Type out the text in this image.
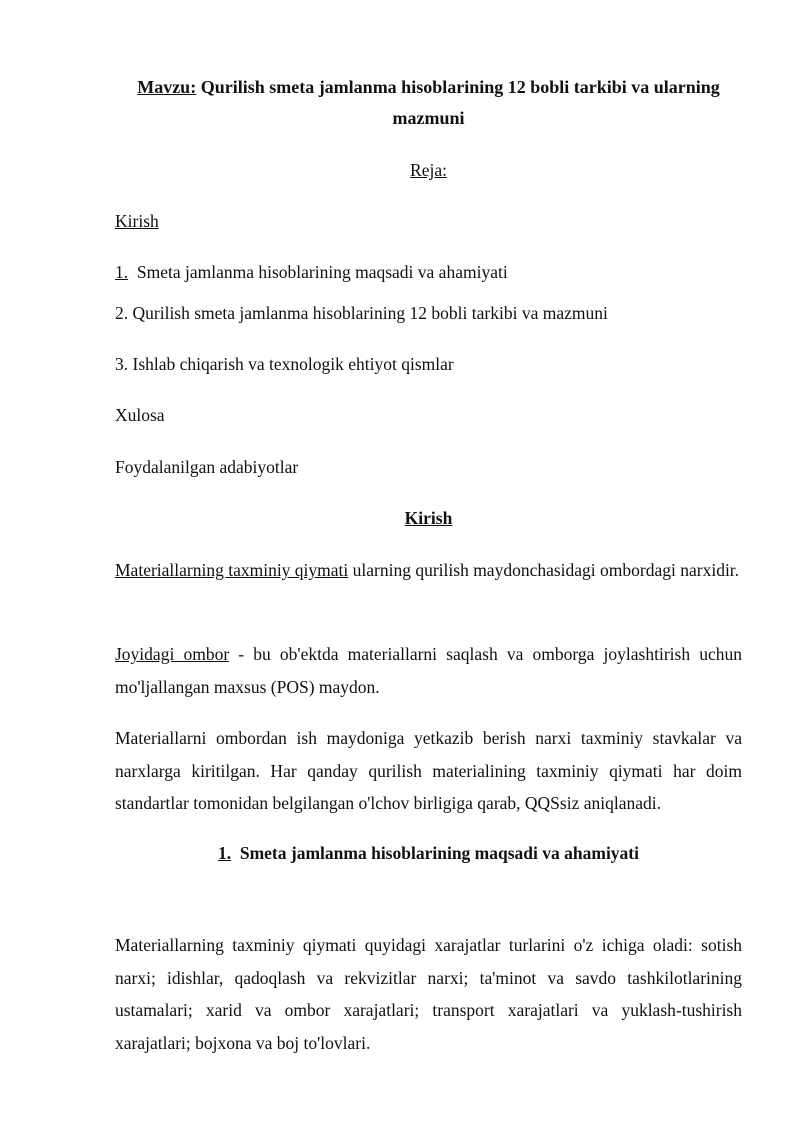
Mavzu: Qurilish smeta jamlanma hisoblarining 12 bobli tarkibi va ularning mazmuni

Reja:

Kirish

1.  Smeta jamlanma hisoblarining maqsadi va ahamiyati

2. Qurilish smeta jamlanma hisoblarining 12 bobli tarkibi va mazmuni

3. Ishlab chiqarish va texnologik ehtiyot qismlar

Xulosa

Foydalanilgan adabiyotlar

Kirish

Materiallarning taxminiy qiymati ularning qurilish maydonchasidagi ombordagi narxidir.

Joyidagi ombor - bu ob'ektda materiallarni saqlash va omborga joylashtirish uchun mo'ljallangan maxsus (POS) maydon.

Materiallarni ombordan ish maydoniga yetkazib berish narxi taxminiy stavkalar va narxlarga kiritilgan. Har qanday qurilish materialining taxminiy qiymati har doim standartlar tomonidan belgilangan o'lchov birligiga qarab, QQSsiz aniqlanadi.

1.  Smeta jamlanma hisoblarining maqsadi va ahamiyati

Materiallarning taxminiy qiymati quyidagi xarajatlar turlarini o'z ichiga oladi: sotish narxi; idishlar, qadoqlash va rekvizitlar narxi; ta'minot va savdo tashkilotlarining ustamalari; xarid va ombor xarajatlari; transport xarajatlari va yuklash-tushirish xarajatlari; bojxona va boj to'lovlari.
